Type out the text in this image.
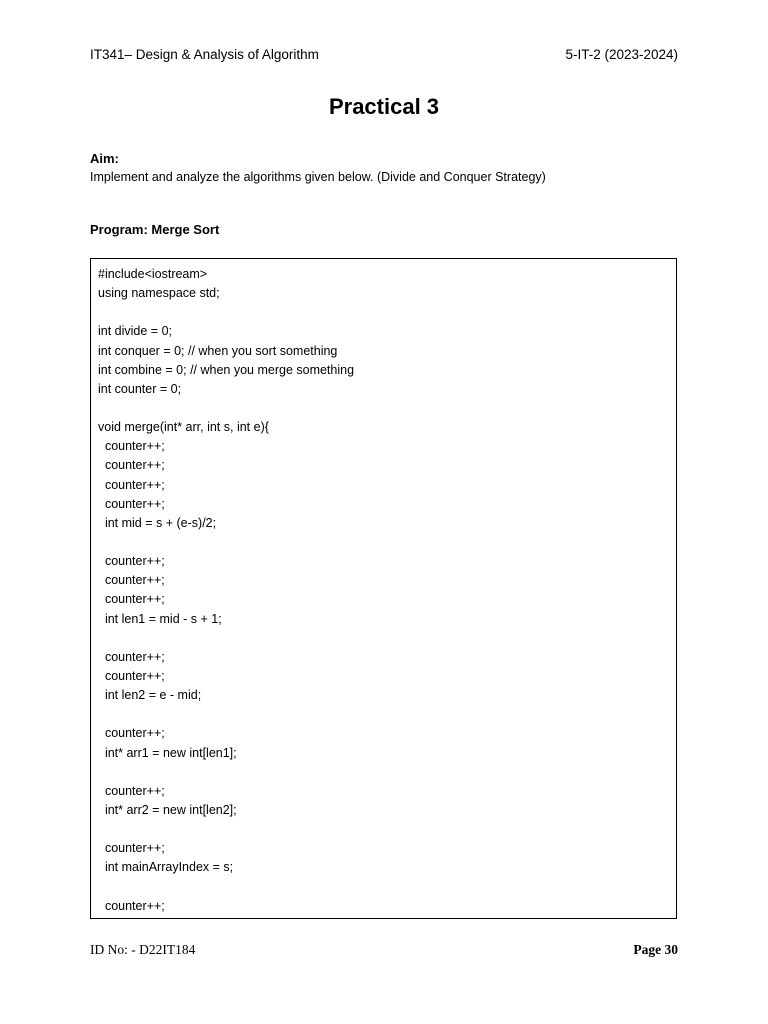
IT341– Design & Analysis of Algorithm	5-IT-2 (2023-2024)
Practical 3
Aim:
Implement and analyze the algorithms given below. (Divide and Conquer Strategy)
Program: Merge Sort
#include<iostream>
using namespace std;
int divide = 0;
int conquer = 0; // when you sort something
int combine = 0; // when you merge something
int counter = 0;
void merge(int* arr, int s, int e){
counter++;
counter++;
counter++;
counter++;
int mid = s + (e-s)/2;
counter++;
counter++;
counter++;
int len1 = mid - s + 1;
counter++;
counter++;
int len2 = e - mid;
counter++;
int* arr1 = new int[len1];
counter++;
int* arr2 = new int[len2];
counter++;
int mainArrayIndex = s;
counter++;
ID No: - D22IT184	Page 30
